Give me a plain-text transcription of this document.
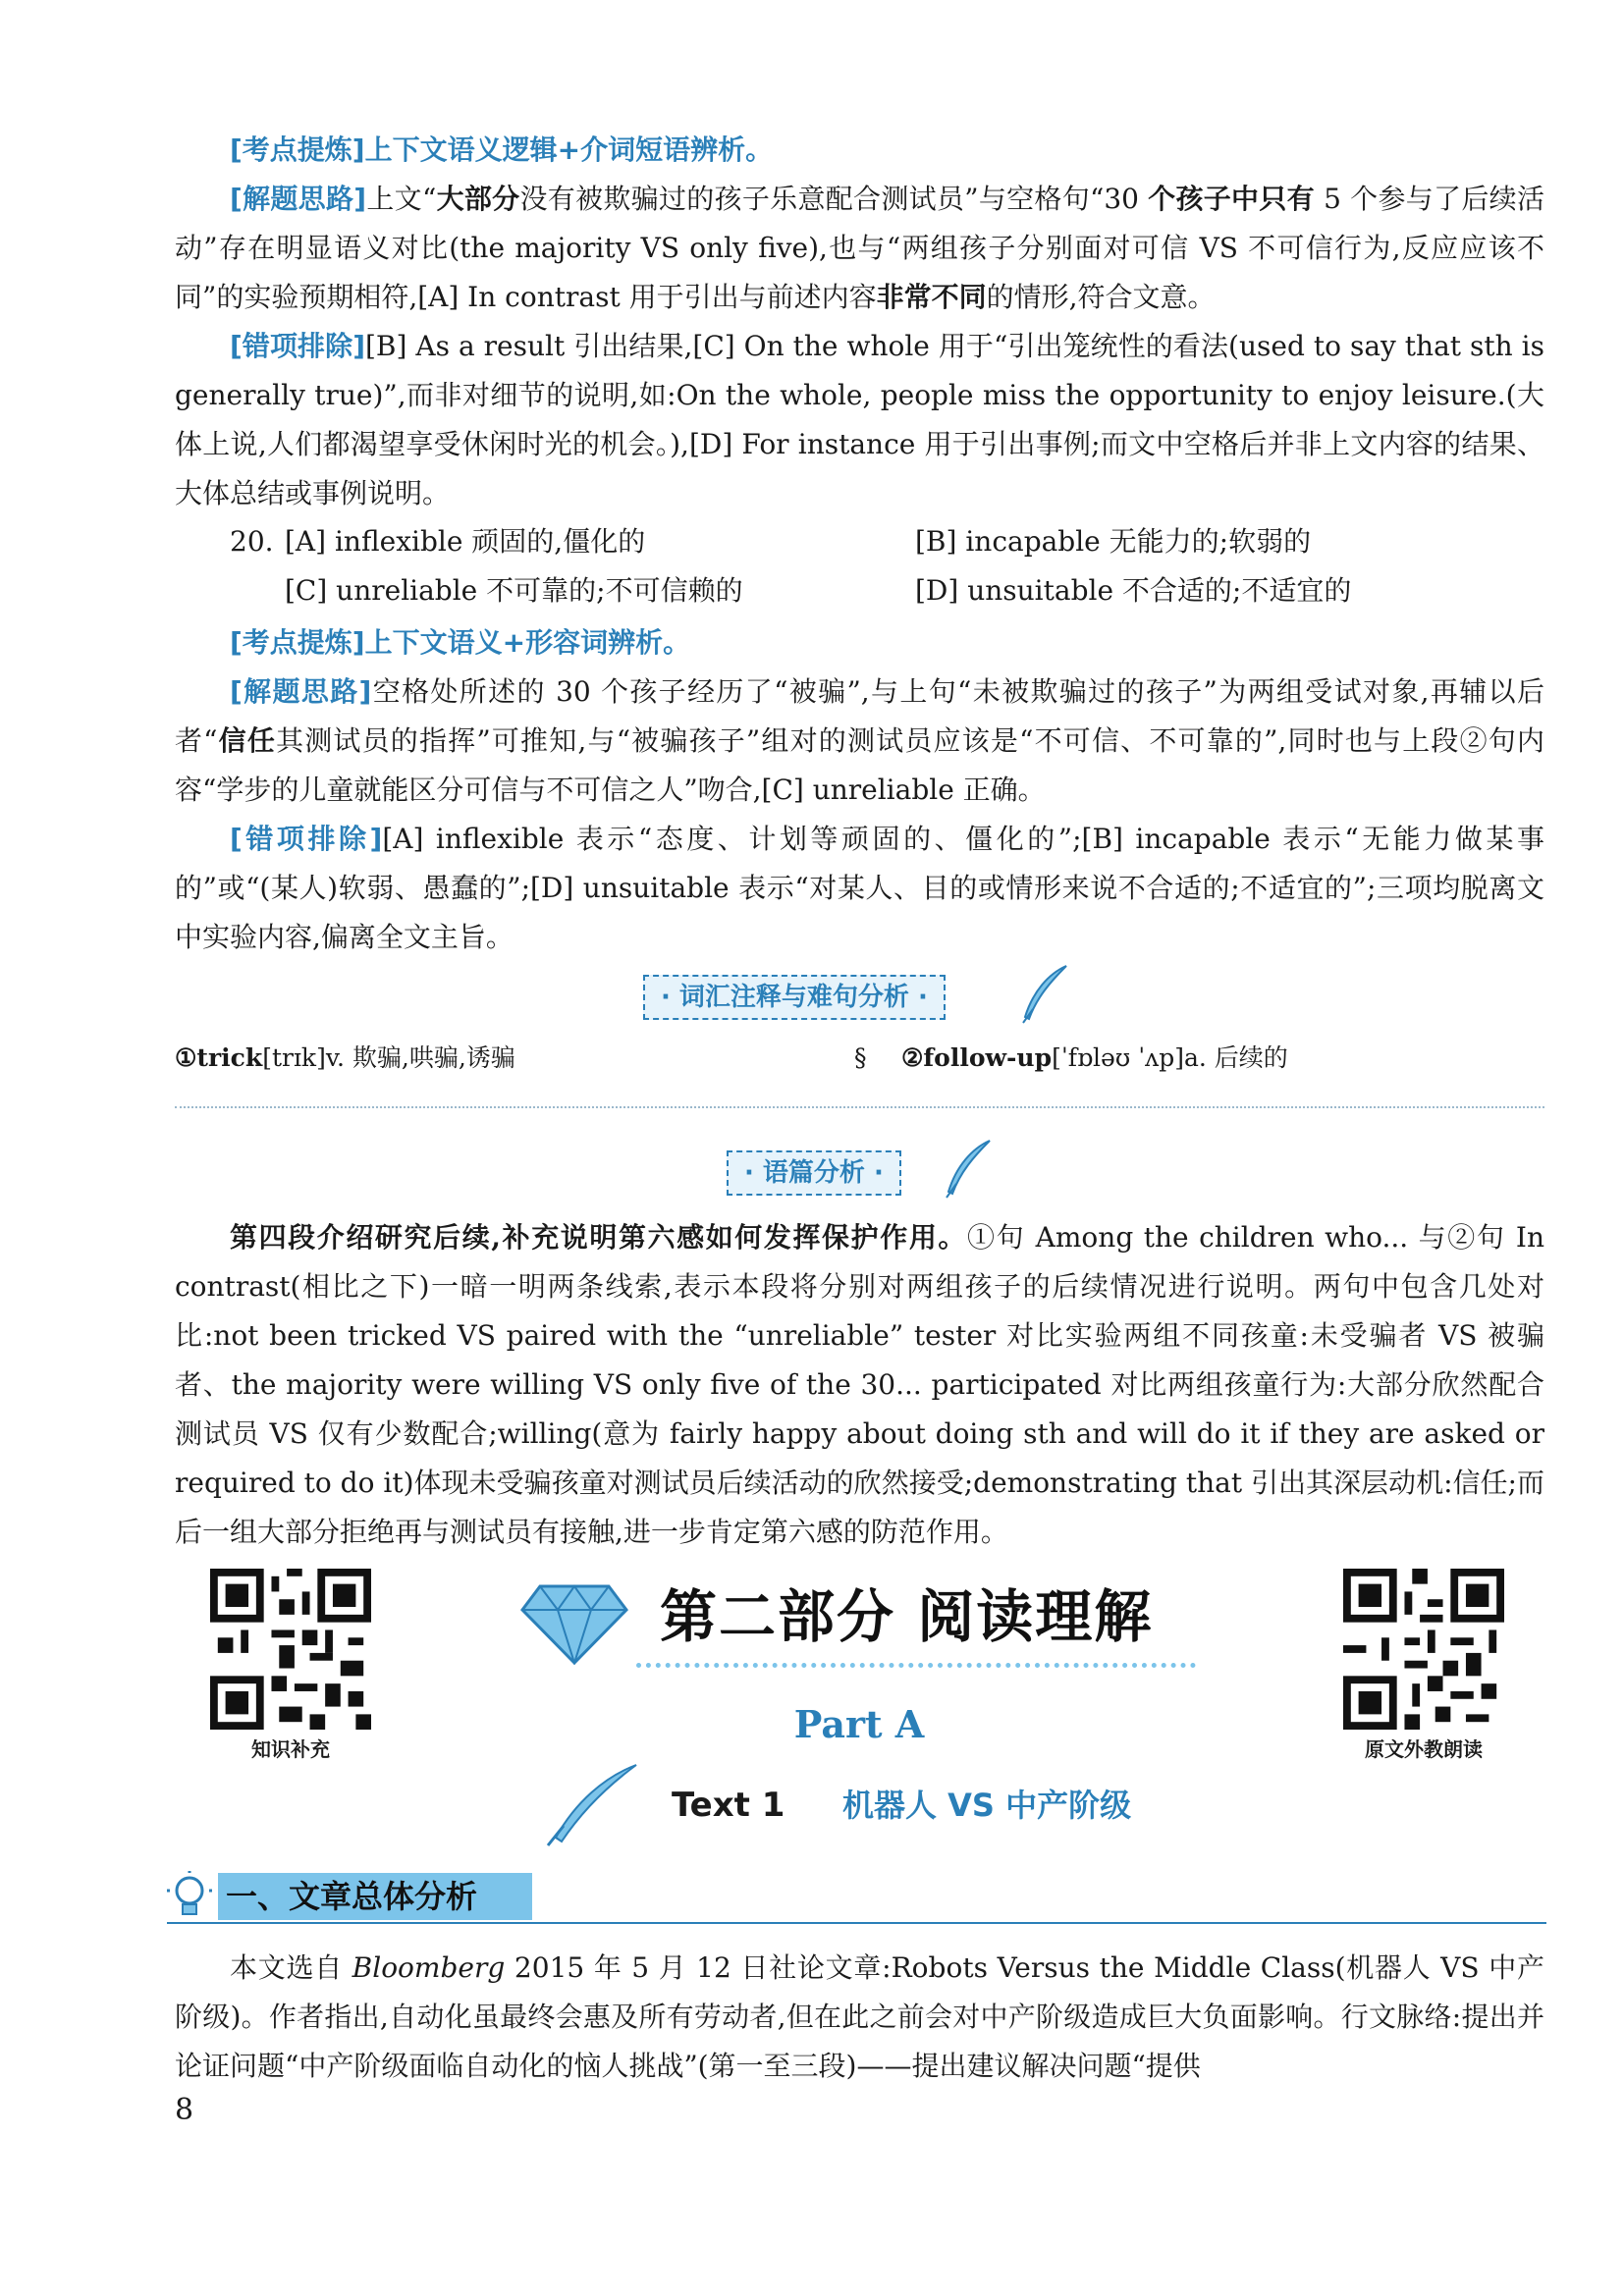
[考点提炼]上下文语义逻辑+介词短语辨析。
[解题思路]上文“大部分没有被欺骗过的孩子乐意配合测试员”与空格句“30 个孩子中只有 5 个参与了后续活动”存在明显语义对比(the majority VS only five),也与“两组孩子分别面对可信 VS 不可信行为,反应应该不同”的实验预期相符,[A] In contrast 用于引出与前述内容非常不同的情形,符合文意。
[错项排除][B] As a result 引出结果,[C] On the whole 用于“引出笼统性的看法(used to say that sth is generally true)”,而非对细节的说明,如:On the whole, people miss the opportunity to enjoy leisure.(大体上说,人们都渴望享受休闲时光的机会。),[D] For instance 用于引出事例;而文中空格后并非上文内容的结果、大体总结或事例说明。
20. [A] inflexible 顽固的,僵化的	[B] incapable 无能力的;软弱的
[C] unreliable 不可靠的;不可信赖的	[D] unsuitable 不合适的;不适宜的
[考点提炼]上下文语义+形容词辨析。
[解题思路]空格处所述的 30 个孩子经历了“被骗”,与上句“未被欺骗过的孩子”为两组受试对象,再辅以后者“信任其测试员的指挥”可推知,与“被骗孩子”组对的测试员应该是“不可信、不可靠的”,同时也与上段②句内容“学步的儿童就能区分可信与不可信之人”吻合,[C] unreliable 正确。
[错项排除][A] inflexible 表示“态度、计划等顽固的、僵化的”;[B] incapable 表示“无能力做某事的”或“(某人)软弱、愚蠢的”;[D] unsuitable 表示“对某人、目的或情形来说不合适的;不适宜的”;三项均脱离文中实验内容,偏离全文主旨。
· 词汇注释与难句分析 ·
①trick[trɪk]v. 欺骗,哄骗,诱骗	§ ②follow-up[ˈfɒləʊ ˈʌp]a. 后续的
· 语篇分析 ·
第四段介绍研究后续,补充说明第六感如何发挥保护作用。①句 Among the children who... 与②句 In contrast(相比之下)一暗一明两条线索,表示本段将分别对两组孩子的后续情况进行说明。两句中包含几处对比:not been tricked VS paired with the “unreliable” tester 对比实验两组不同孩童:未受骗者 VS 被骗者、the majority were willing VS only five of the 30... participated 对比两组孩童行为:大部分欣然配合测试员 VS 仅有少数配合;willing(意为 fairly happy about doing sth and will do it if they are asked or required to do it)体现未受骗孩童对测试员后续活动的欣然接受;demonstrating that 引出其深层动机:信任;而后一组大部分拒绝再与测试员有接触,进一步肯定第六感的防范作用。
知识补充	原文外教朗读
第二部分 阅读理解
Part A
Text 1 机器人 VS 中产阶级
一、文章总体分析
本文选自 Bloomberg 2015 年 5 月 12 日社论文章:Robots Versus the Middle Class(机器人 VS 中产阶级)。作者指出,自动化虽最终会惠及所有劳动者,但在此之前会对中产阶级造成巨大负面影响。行文脉络:提出并论证问题“中产阶级面临自动化的恼人挑战”(第一至三段)——提出建议解决问题“提供
8
